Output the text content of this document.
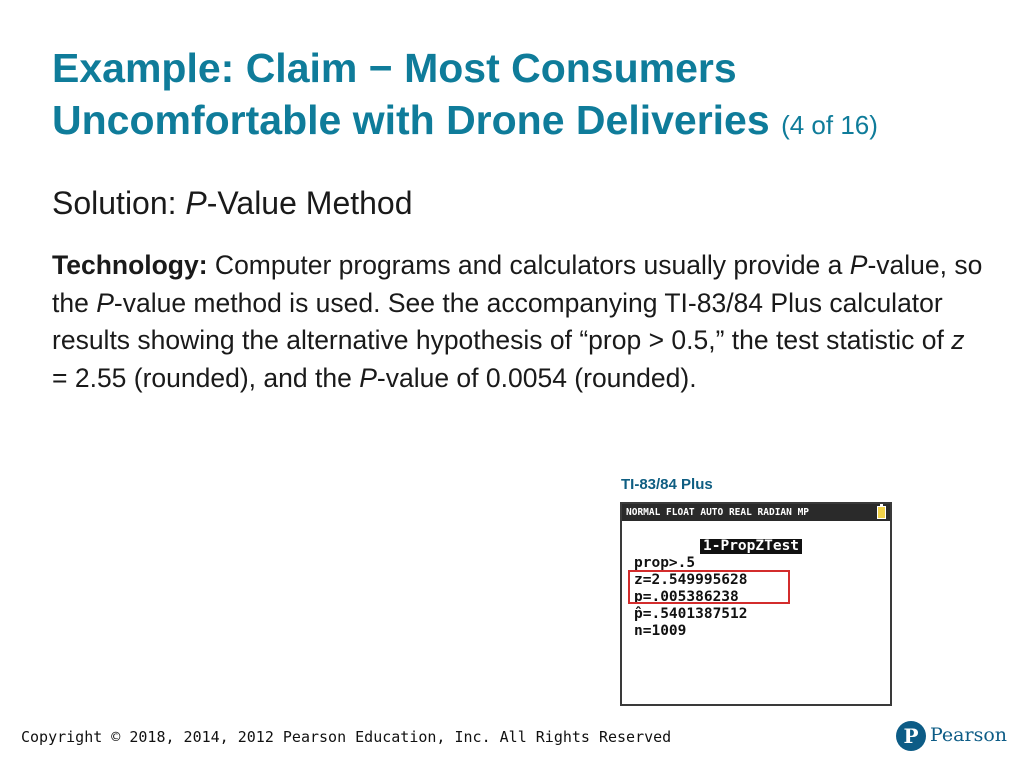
Example: Claim − Most Consumers Uncomfortable with Drone Deliveries (4 of 16)

Solution: P-Value Method

Technology: Computer programs and calculators usually provide a P-value, so the P-value method is used. See the accompanying TI-83/84 Plus calculator results showing the alternative hypothesis of “prop > 0.5,” the test statistic of z = 2.55 (rounded), and the P-value of 0.0054 (rounded).

TI-83/84 Plus
NORMAL FLOAT AUTO REAL RADIAN MP
1-PropZTest
prop>.5
z=2.549995628
p=.005386238
p̂=.5401387512
n=1009
Copyright © 2018, 2014, 2012 Pearson Education, Inc. All Rights Reserved	P Pearson
